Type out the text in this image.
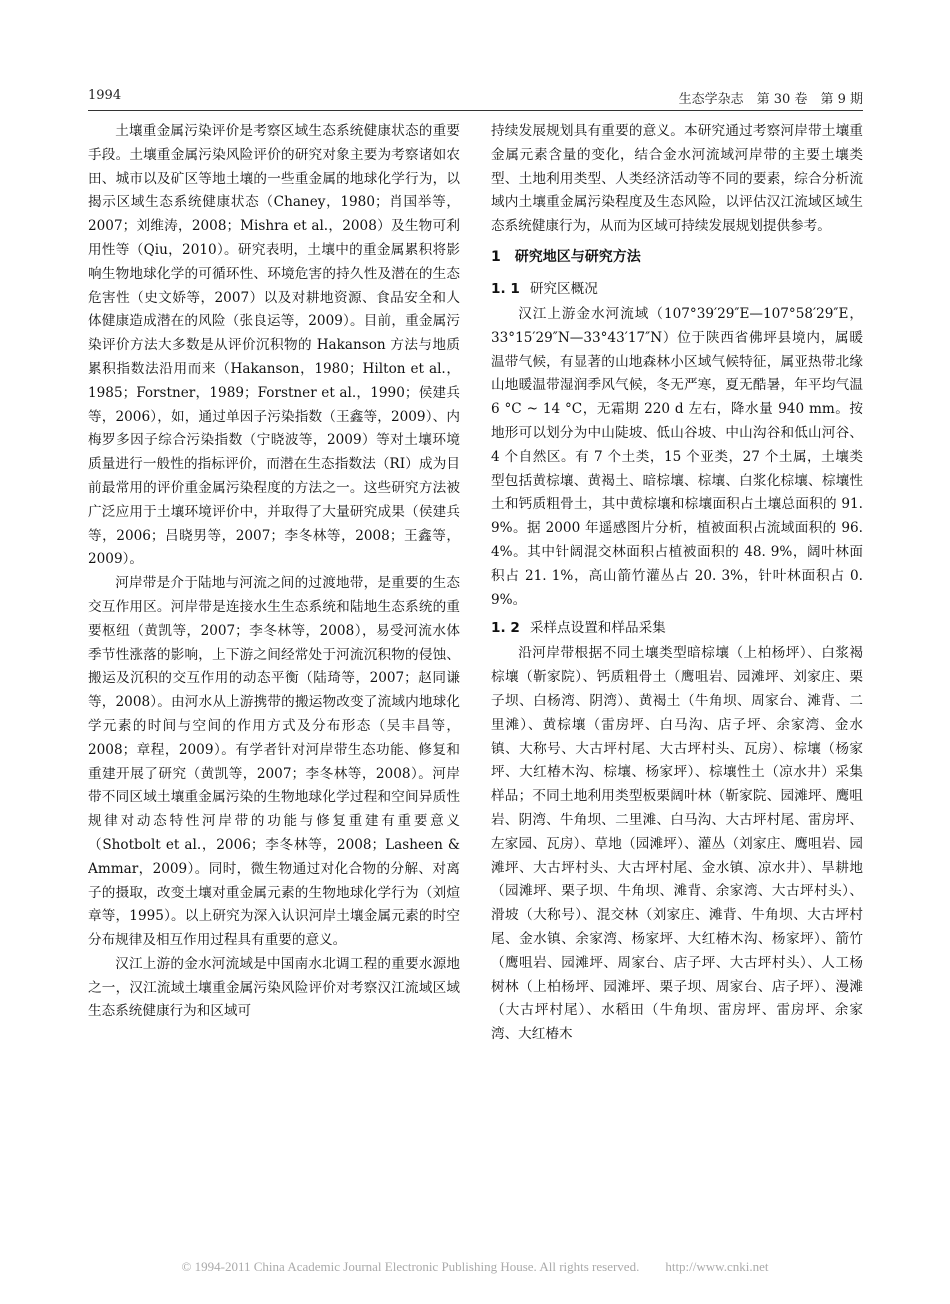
1994	生态学杂志　第 30 卷　第 9 期

土壤重金属污染评价是考察区域生态系统健康状态的重要手段。土壤重金属污染风险评价的研究对象主要为考察诸如农田、城市以及矿区等地土壤的一些重金属的地球化学行为，以揭示区域生态系统健康状态（Chaney，1980；肖国举等，2007；刘维涛，2008；Mishra et al.，2008）及生物可利用性等（Qiu，2010）。研究表明，土壤中的重金属累积将影响生物地球化学的可循环性、环境危害的持久性及潜在的生态危害性（史文娇等，2007）以及对耕地资源、食品安全和人体健康造成潜在的风险（张良运等，2009）。目前，重金属污染评价方法大多数是从评价沉积物的 Hakanson 方法与地质累积指数法沿用而来（Hakanson，1980；Hilton et al.，1985；Forstner，1989；Forstner et al.，1990；侯建兵等，2006），如，通过单因子污染指数（王鑫等，2009）、内梅罗多因子综合污染指数（宁晓波等，2009）等对土壤环境质量进行一般性的指标评价，而潜在生态指数法（RI）成为目前最常用的评价重金属污染程度的方法之一。这些研究方法被广泛应用于土壤环境评价中，并取得了大量研究成果（侯建兵等，2006；吕晓男等，2007；李冬林等，2008；王鑫等，2009）。

河岸带是介于陆地与河流之间的过渡地带，是重要的生态交互作用区。河岸带是连接水生生态系统和陆地生态系统的重要枢纽（黄凯等，2007；李冬林等，2008），易受河流水体季节性涨落的影响，上下游之间经常处于河流沉积物的侵蚀、搬运及沉积的交互作用的动态平衡（陆琦等，2007；赵同谦等，2008）。由河水从上游携带的搬运物改变了流域内地球化学元素的时间与空间的作用方式及分布形态（吴丰昌等，2008；章程，2009）。有学者针对河岸带生态功能、修复和重建开展了研究（黄凯等，2007；李冬林等，2008）。河岸带不同区域土壤重金属污染的生物地球化学过程和空间异质性规律对动态特性河岸带的功能与修复重建有重要意义（Shotbolt et al.，2006；李冬林等，2008；Lasheen & Ammar，2009）。同时，微生物通过对化合物的分解、对离子的摄取，改变土壤对重金属元素的生物地球化学行为（刘煊章等，1995）。以上研究为深入认识河岸土壤金属元素的时空分布规律及相互作用过程具有重要的意义。

汉江上游的金水河流域是中国南水北调工程的重要水源地之一，汉江流域土壤重金属污染风险评价对考察汉江流域区域生态系统健康行为和区域可

持续发展规划具有重要的意义。本研究通过考察河岸带土壤重金属元素含量的变化，结合金水河流域河岸带的主要土壤类型、土地利用类型、人类经济活动等不同的要素，综合分析流域内土壤重金属污染程度及生态风险，以评估汉江流域区域生态系统健康行为，从而为区域可持续发展规划提供参考。

1　研究地区与研究方法
1. 1 研究区概况

汉江上游金水河流域（107°39′29″E—107°58′29″E，33°15′29″N—33°43′17″N）位于陕西省佛坪县境内，属暖温带气候，有显著的山地森林小区域气候特征，属亚热带北缘山地暖温带湿润季风气候，冬无严寒，夏无酷暑，年平均气温 6 °C ~ 14 °C，无霜期 220 d 左右，降水量 940 mm。按地形可以划分为中山陡坡、低山谷坡、中山沟谷和低山河谷、4 个自然区。有 7 个土类，15 个亚类，27 个土属，土壤类型包括黄棕壤、黄褐土、暗棕壤、棕壤、白浆化棕壤、棕壤性土和钙质粗骨土，其中黄棕壤和棕壤面积占土壤总面积的 91. 9%。据 2000 年遥感图片分析，植被面积占流域面积的 96. 4%。其中针阔混交林面积占植被面积的 48. 9%，阔叶林面积占 21. 1%，高山箭竹灌丛占 20. 3%，针叶林面积占 0. 9%。

1. 2 采样点设置和样品采集

沿河岸带根据不同土壤类型暗棕壤（上柏杨坪）、白浆褐棕壤（靳家院）、钙质粗骨土（鹰咀岩、园滩坪、刘家庄、栗子坝、白杨湾、阴湾）、黄褐土（牛角坝、周家台、滩背、二里滩）、黄棕壤（雷房坪、白马沟、店子坪、余家湾、金水镇、大称号、大古坪村尾、大古坪村头、瓦房）、棕壤（杨家坪、大红椿木沟、棕壤、杨家坪）、棕壤性土（凉水井）采集样品；不同土地利用类型板栗阔叶林（靳家院、园滩坪、鹰咀岩、阴湾、牛角坝、二里滩、白马沟、大古坪村尾、雷房坪、左家园、瓦房）、草地（园滩坪）、灌丛（刘家庄、鹰咀岩、园滩坪、大古坪村头、大古坪村尾、金水镇、凉水井）、旱耕地（园滩坪、栗子坝、牛角坝、滩背、余家湾、大古坪村头）、滑坡（大称号）、混交林（刘家庄、滩背、牛角坝、大古坪村尾、金水镇、余家湾、杨家坪、大红椿木沟、杨家坪）、箭竹（鹰咀岩、园滩坪、周家台、店子坪、大古坪村头）、人工杨树林（上柏杨坪、园滩坪、栗子坝、周家台、店子坪）、漫滩（大古坪村尾）、水稻田（牛角坝、雷房坪、雷房坪、余家湾、大红椿木

© 1994-2011 China Academic Journal Electronic Publishing House. All rights reserved.　　http://www.cnki.net
